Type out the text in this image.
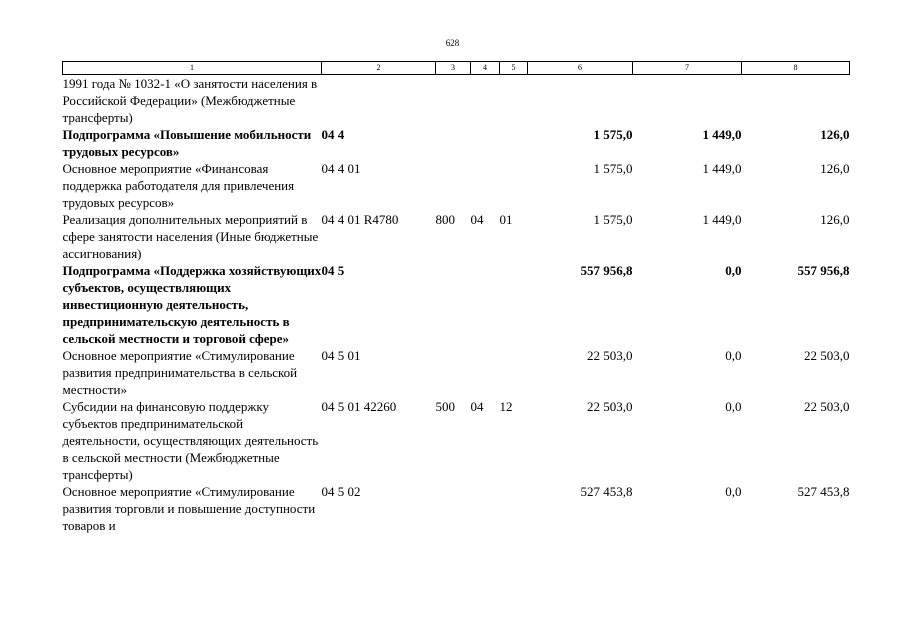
628
1	2	3	4	5	6	7	8
1991 года № 1032-1 «О занятости населения в Российской Федерации» (Межбюджетные трансферты)							
Подпрограмма «Повышение мобильности трудовых ресурсов»	04 4				1 575,0	1 449,0	126,0
Основное мероприятие «Финансовая поддержка работодателя для привлечения трудовых ресурсов»	04 4 01				1 575,0	1 449,0	126,0
Реализация дополнительных мероприятий в сфере занятости населения (Иные бюджетные ассигнования)	04 4 01 R4780	800	04	01	1 575,0	1 449,0	126,0
Подпрограмма «Поддержка хозяйствующих субъектов, осуществляющих инвестиционную деятельность, предпринимательскую деятельность в сельской местности и торговой сфере»	04 5				557 956,8	0,0	557 956,8
Основное мероприятие «Стимулирование развития предпринимательства в сельской местности»	04 5 01				22 503,0	0,0	22 503,0
Субсидии на финансовую поддержку субъектов предпринимательской деятельности, осуществляющих деятельность в сельской местности (Межбюджетные трансферты)	04 5 01 42260	500	04	12	22 503,0	0,0	22 503,0
Основное мероприятие «Стимулирование развития торговли и повышение доступности товаров и	04 5 02				527 453,8	0,0	527 453,8
